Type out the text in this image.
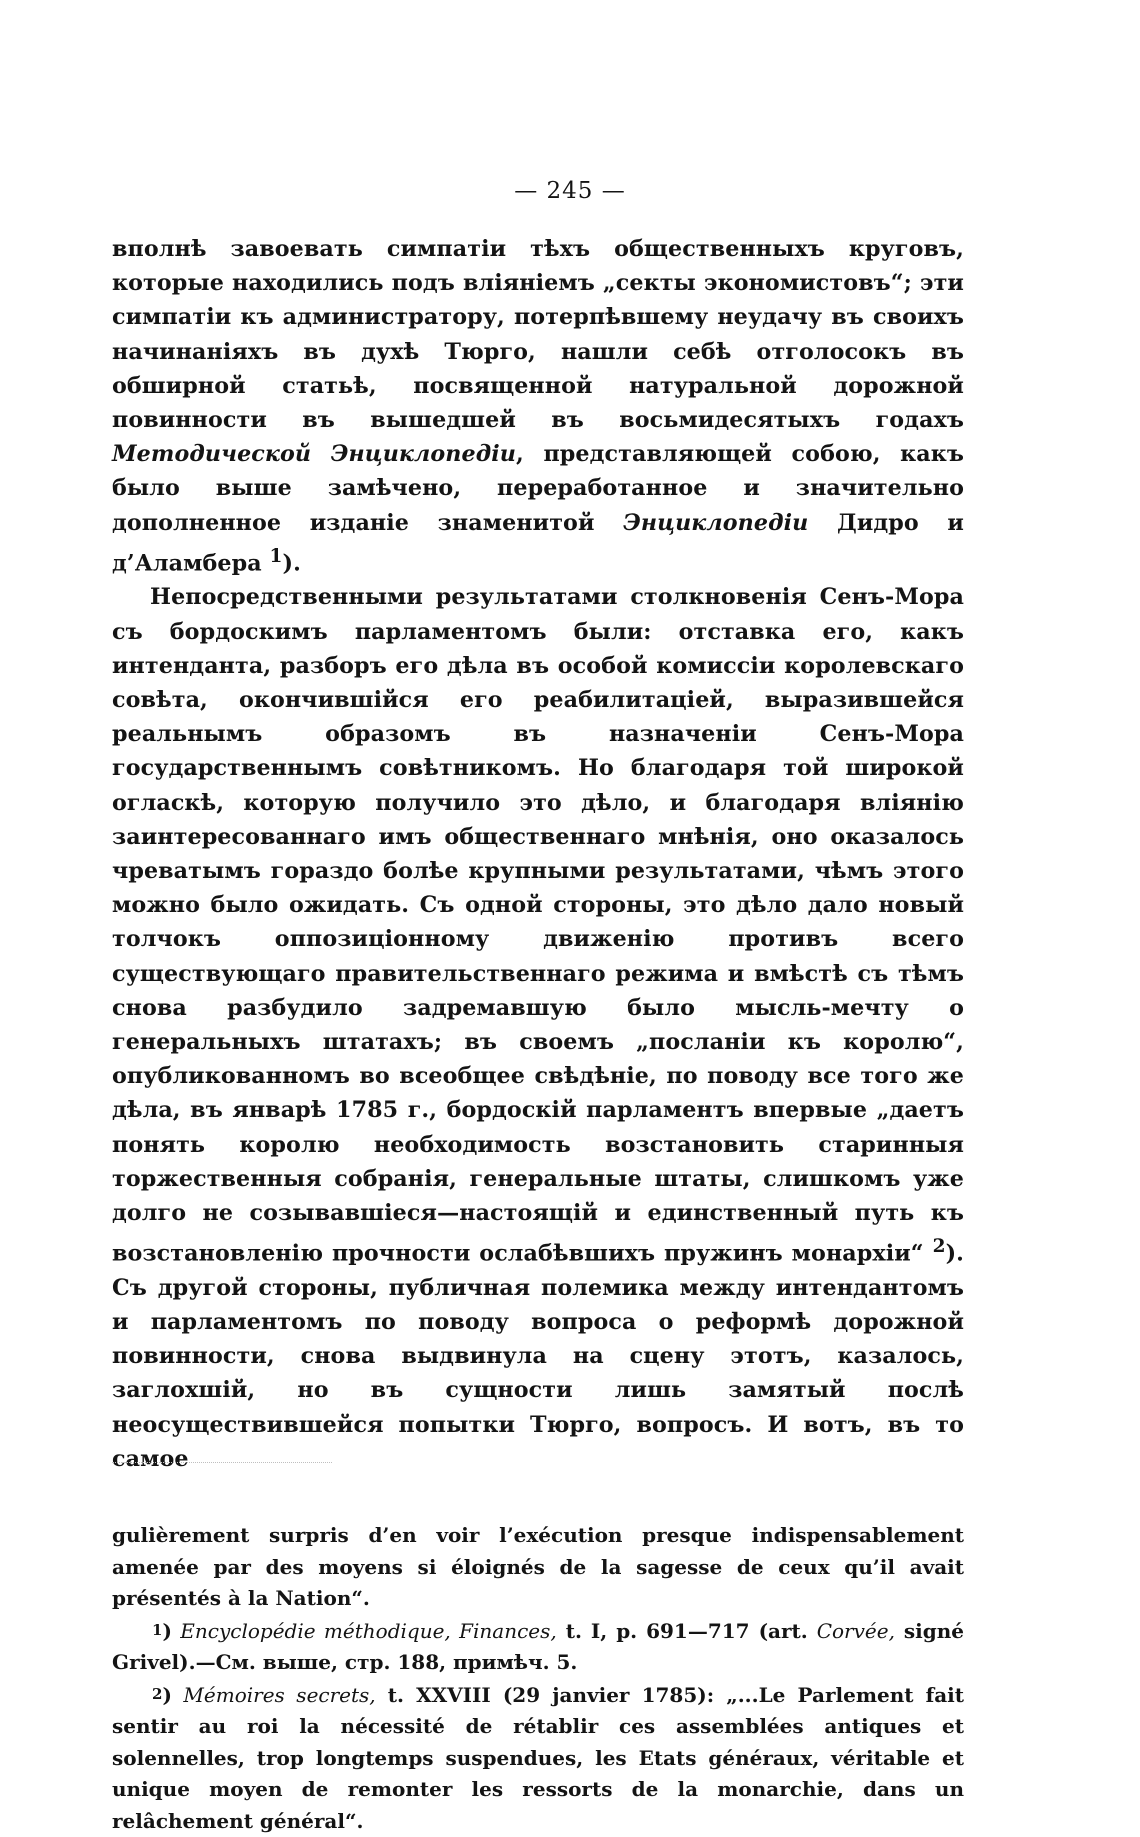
— 245 —

вполнѣ завоевать симпатіи тѣхъ общественныхъ круговъ, которые находились подъ вліяніемъ „секты экономистовъ“; эти симпатіи къ администратору, потерпѣвшему неудачу въ своихъ начинаніяхъ въ духѣ Тюрго, нашли себѣ отголосокъ въ обширной статьѣ, посвященной натуральной дорожной повинности въ вышедшей въ восьмидесятыхъ годахъ Методической Энциклопедіи, представляющей собою, какъ было выше замѣчено, переработанное и значительно дополненное изданіе знаменитой Энциклопедіи Дидро и д’Аламбера $^1$).

Непосредственными результатами столкновенія Сенъ-Мора съ бордоскимъ парламентомъ были: отставка его, какъ интенданта, разборъ его дѣла въ особой комиссіи королевскаго совѣта, окончившійся его реабилитаціей, выразившейся реальнымъ образомъ въ назначеніи Сенъ-Мора государственнымъ совѣтникомъ. Но благодаря той широкой огласкѣ, которую получило это дѣло, и благодаря вліянію заинтересованнаго имъ общественнаго мнѣнія, оно оказалось чреватымъ гораздо болѣе крупными результатами, чѣмъ этого можно было ожидать. Съ одной стороны, это дѣло дало новый толчокъ оппозиціонному движенію противъ всего существующаго правительственнаго режима и вмѣстѣ съ тѣмъ снова разбудило задремавшую было мысль-мечту о генеральныхъ штатахъ; въ своемъ „посланіи къ королю“, опубликованномъ во всеобщее свѣдѣніе, по поводу все того же дѣла, въ январѣ 1785 г., бордоскій парламентъ впервые „даетъ понять королю необходимость возстановить старинныя торжественныя собранія, генеральные штаты, слишкомъ уже долго не созывавшіеся—настоящій и единственный путь къ возстановленію прочности ослабѣвшихъ пружинъ монархіи“ $^2$). Съ другой стороны, публичная полемика между интендантомъ и парламентомъ по поводу вопроса о реформѣ дорожной повинности, снова выдвинула на сцену этотъ, казалось, заглохшій, но въ сущности лишь замятый послѣ неосуществившейся попытки Тюрго, вопросъ. И вотъ, въ то самое

gulièrement surpris d’en voir l’exécution presque indispensablement amenée par des moyens si éloignés de la sagesse de ceux qu’il avait présentés à la Nation“.

1) Encyclopédie méthodique, Finances, t. I, p. 691—717 (art. Corvée, signé Grivel).—См. выше, стр. 188, примѣч. 5.

2) Mémoires secrets, t. XXVIII (29 janvier 1785): „...Le Parlement fait sentir au roi la nécessité de rétablir ces assemblées antiques et solennelles, trop longtemps suspendues, les Etats généraux, véritable et unique moyen de remonter les ressorts de la monarchie, dans un relâchement général“.
